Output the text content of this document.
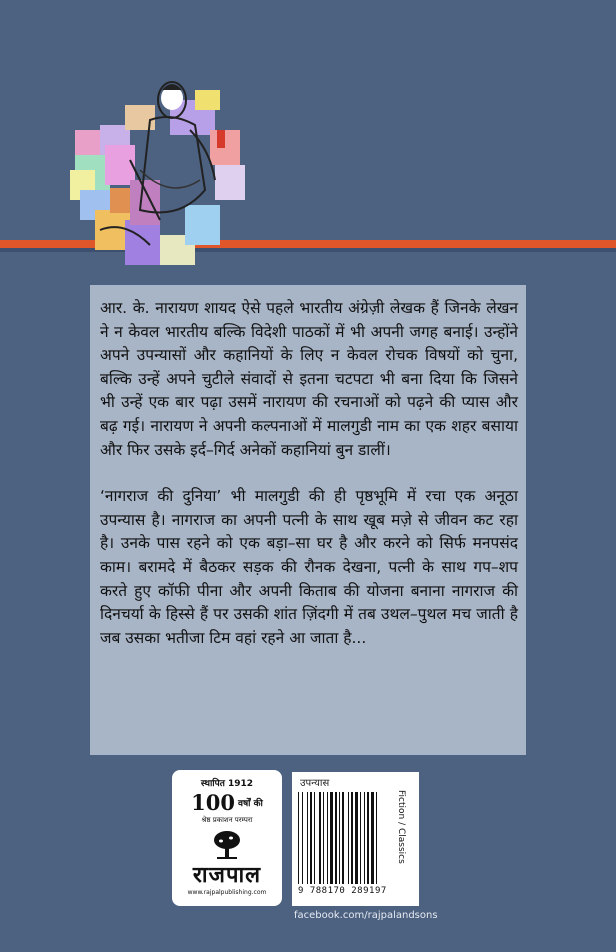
आर. के. नारायण शायद ऐसे पहले भारतीय अंग्रेज़ी लेखक हैं जिनके लेखन ने न केवल भारतीय बल्कि विदेशी पाठकों में भी अपनी जगह बनाई। उन्होंने अपने उपन्यासों और कहानियों के लिए न केवल रोचक विषयों को चुना, बल्कि उन्हें अपने चुटीले संवादों से इतना चटपटा भी बना दिया कि जिसने भी उन्हें एक बार पढ़ा उसमें नारायण की रचनाओं को पढ़ने की प्यास और बढ़ गई। नारायण ने अपनी कल्पनाओं में मालगुडी नाम का एक शहर बसाया और फिर उसके इर्द–गिर्द अनेकों कहानियां बुन डालीं।

‘नागराज की दुनिया’ भी मालगुडी की ही पृष्ठभूमि में रचा एक अनूठा उपन्यास है। नागराज का अपनी पत्नी के साथ खूब मज़े से जीवन कट रहा है। उनके पास रहने को एक बड़ा–सा घर है और करने को सिर्फ मनपसंद काम। बरामदे में बैठकर सड़क की रौनक देखना, पत्नी के साथ गप–शप करते हुए कॉफी पीना और अपनी किताब की योजना बनाना नागराज की दिनचर्या के हिस्से हैं पर उसकी शांत ज़िंदगी में तब उथल–पुथल मच जाती है जब उसका भतीजा टिम वहां रहने आ जाता है...

स्थापित 1912
100 वर्षों की
श्रेष्ठ प्रकाशन परम्परा
राजपाल
www.rajpalpublishing.com
उपन्यास
9 788170 289197
Fiction / Classics
facebook.com/rajpalandsons
